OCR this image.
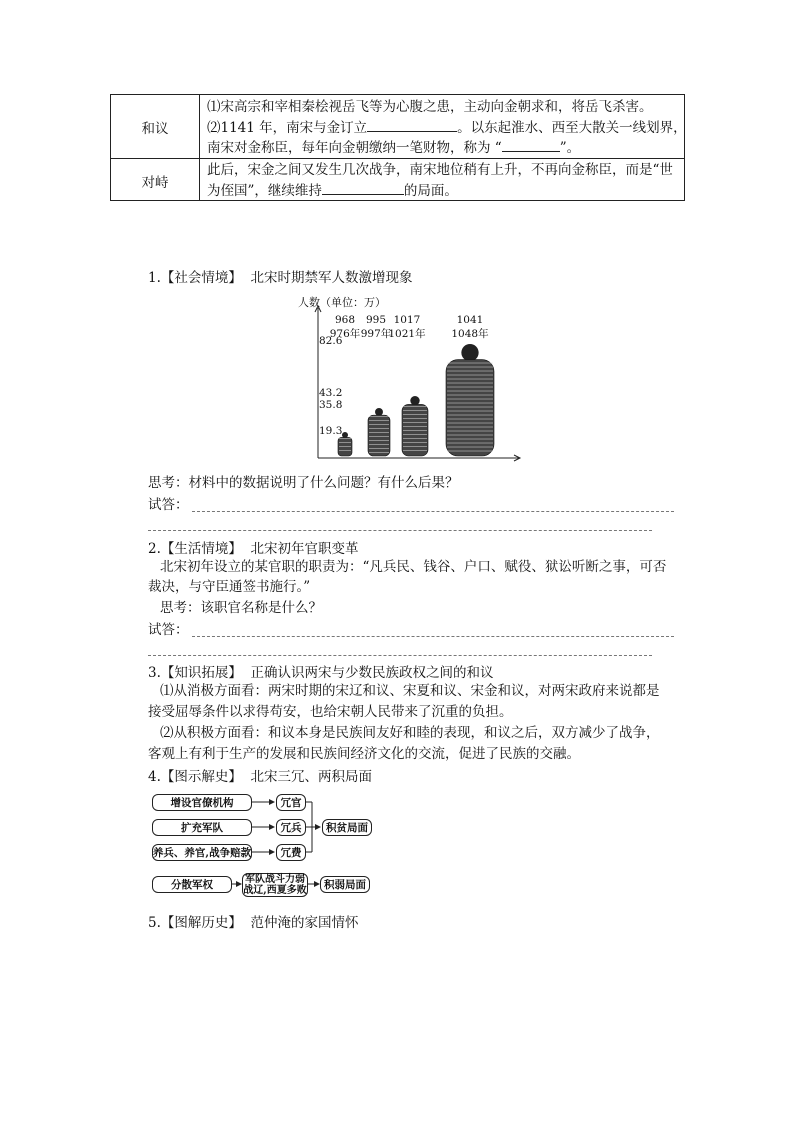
和议
⑴宋高宗和宰相秦桧视岳飞等为心腹之患，主动向金朝求和，将岳飞杀害。
⑵1141 年，南宋与金订立	。以东起淮水、西至大散关一线划界，
南宋对金称臣，每年向金朝缴纳一笔财物，称为 “	”。
对峙
此后，宋金之间又发生几次战争，南宋地位稍有上升，不再向金称臣，而是“世
为侄国”，继续维持	的局面。
1.【社会情境】 北宋时期禁军人数激增现象
人数（单位：万）
82.6
43.2
35.8
19.3
968 995 1017	1041
976年 997年
1021年 1048年
思考：材料中的数据说明了什么问题？有什么后果？
试答：
2.【生活情境】 北宋初年官职变革
北宋初年设立的某官职的职责为：“凡兵民、钱谷、户口、赋役、狱讼听断之事，可否
裁决，与守臣通签书施行。”
思考：该职官名称是什么？
试答：
3.【知识拓展】 正确认识两宋与少数民族政权之间的和议
⑴从消极方面看：两宋时期的宋辽和议、宋夏和议、宋金和议，对两宋政府来说都是
接受屈辱条件以求得苟安，也给宋朝人民带来了沉重的负担。
⑵从积极方面看：和议本身是民族间友好和睦的表现，和议之后，双方减少了战争，
客观上有利于生产的发展和民族间经济文化的交流，促进了民族的交融。
4.【图示解史】 北宋三冗、两积局面
增设官僚机构
扩充军队
养兵、养官,战争赔款
冗官
冗兵
冗费
积贫局面
分散军权	军队战斗力弱
战辽,西夏多败	积弱局面
5.【图解历史】 范仲淹的家国情怀
